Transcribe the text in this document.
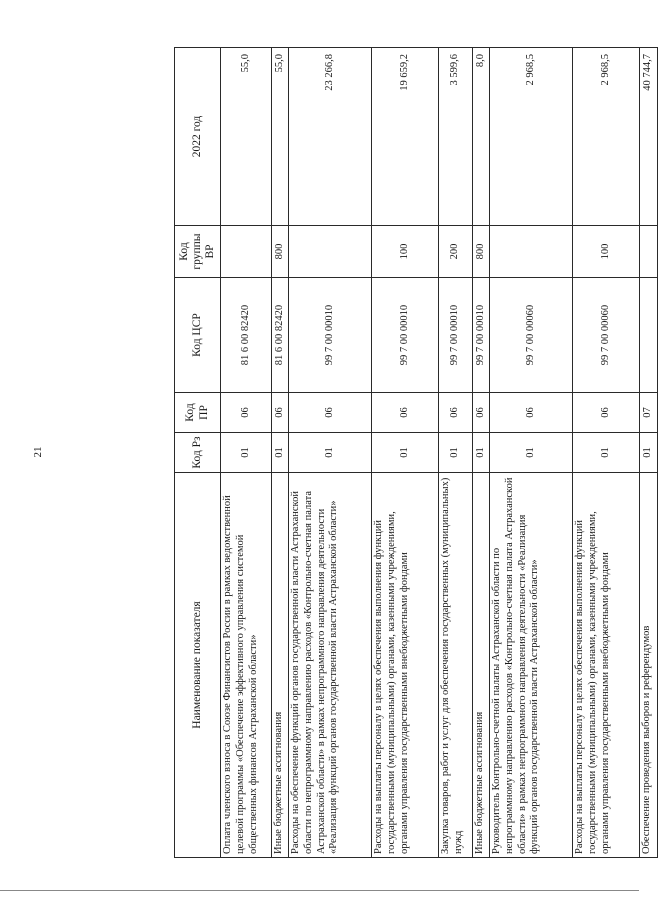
21
Наименование показателя	Код Рз	Код ПР	Код ЦСР	Код группы ВР	2022 год
Оплата членского взноса в Союзе Финансистов России в рамках ведомственной целевой программы «Обеспечение эффективного управления системой общественных финансов Астраханской области»	01	06	81 6 00 82420		55,0
Иные бюджетные ассигнования	01	06	81 6 00 82420	800	55,0
Расходы на обеспечение функций органов государственной власти Астраханской области по непрограммному направлению расходов «Контрольно-счетная палата Астраханской области» в рамках непрограммного направления деятельности «Реализация функций органов государственной власти Астраханской области»	01	06	99 7 00 00010		23 266,8
Расходы на выплаты персоналу в целях обеспечения выполнения функций государственными (муниципальными) органами, казенными учреждениями, органами управления государственными внебюджетными фондами	01	06	99 7 00 00010	100	19 659,2
Закупка товаров, работ и услуг для обеспечения государственных (муниципальных) нужд	01	06	99 7 00 00010	200	3 599,6
Иные бюджетные ассигнования	01	06	99 7 00 00010	800	8,0
Руководитель Контрольно-счетной палаты Астраханской области по непрограммному направлению расходов «Контрольно-счетная палата Астраханской области» в рамках непрограммного направления деятельности «Реализация функций органов государственной власти Астраханской области»	01	06	99 7 00 00060		2 968,5
Расходы на выплаты персоналу в целях обеспечения выполнения функций государственными (муниципальными) органами, казенными учреждениями, органами управления государственными внебюджетными фондами	01	06	99 7 00 00060	100	2 968,5
Обеспечение проведения выборов и референдумов	01	07			40 744,7
